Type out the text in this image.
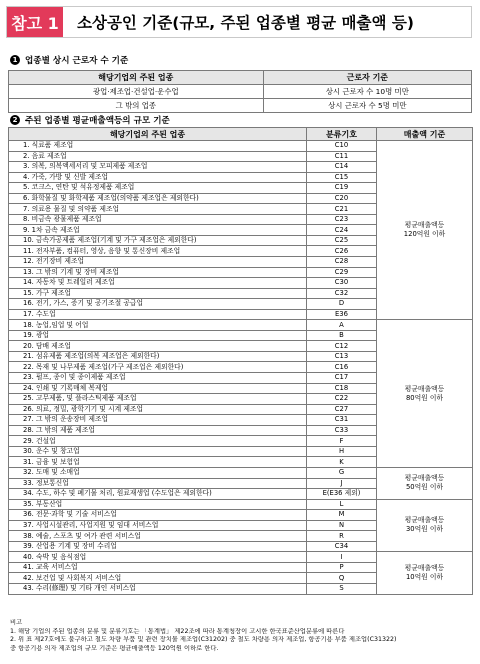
참고 1	소상공인 기준(규모, 주된 업종별 평균 매출액 등)
1 업종별 상시 근로자 수 기준
해당기업의 주된 업종	근로자 기준
광업·제조업·건설업·운수업	상시 근로자 수 10명 미만
그 밖의 업종	상시 근로자 수 5명 미만
2 주된 업종별 평균매출액등의 규모 기준
해당기업의 주된 업종	분류기호	매출액 기준
1. 식료품 제조업	C10	평균매출액등
120억원 이하

2. 음료 제조업	C11	
3. 의복, 의복액세서리 및 모피제품 제조업	C14	
4. 가죽, 가방 및 신발 제조업	C15	
5. 코크스, 연탄 및 석유정제품 제조업	C19	
6. 화학물질 및 화학제품 제조업(의약품 제조업은 제외한다)	C20	
7. 의료용 물질 및 의약품 제조업	C21	
8. 비금속 광물제품 제조업	C23	
9. 1차 금속 제조업	C24	
10. 금속가공제품 제조업(기계 및 가구 제조업은 제외한다)	C25	
11. 전자부품, 컴퓨터, 영상, 음향 및 통신장비 제조업	C26	
12. 전기장비 제조업	C28	
13. 그 밖의 기계 및 장비 제조업	C29	
14. 자동차 및 트레일러 제조업	C30	
15. 가구 제조업	C32	
16. 전기, 가스, 증기 및 공기조절 공급업	D	
17. 수도업	E36	
18. 농업,임업 및 어업	A	평균매출액등
80억원 이하

19. 광업	B	
20. 담배 제조업	C12	
21. 섬유제품 제조업(의복 제조업은 제외한다)	C13	
22. 목재 및 나무제품 제조업(가구 제조업은 제외한다)	C16	
23. 펄프, 종이 및 종이제품 제조업	C17	
24. 인쇄 및 기록매체 복제업	C18	
25. 고무제품, 및 플라스틱제품 제조업	C22	
26. 의료, 정밀, 광학기기 및 시계 제조업	C27	
27. 그 밖의 운송장비 제조업	C31	
28. 그 밖의 제품 제조업	C33	
29. 건설업	F	
30. 운수 및 창고업	H	
31. 금융 및 보험업	K	
32. 도매 및 소매업	G	평균매출액등
50억원 이하

33. 정보통신업	J	
34. 수도, 하수 및 폐기물 처리, 원료재생업 (수도업은 제외한다)	E(E36 제외)	
35. 부동산업	L	평균매출액등
30억원 이하

36. 전문·과학 및 기술 서비스업	M	
37. 사업시설관리, 사업지원 및 임대 서비스업	N	
38. 예술, 스포츠 및 여가 관련 서비스업	R	
39. 산업용 기계 및 장비 수리업	C34	
40. 숙박 및 음식점업	I	평균매출액등
10억원 이하

41. 교육 서비스업	P	
42. 보건업 및 사회복지 서비스업	Q	
43. 수리(修理) 및 기타 개인 서비스업	S	
비고
1. 해당 기업의 주된 업종의 분류 및 분류기호는 「통계법」 제22조에 따라 통계청장이 고시한 한국표준산업분류에 따른다
2. 위 표 제27호에도 불구하고 철도 차량 부품 및 관련 장치물 제조업(C31202) 중 철도 차량용 의자 제조업, 항공기용 부품 제조업(C31322)
중 항공기용 의자 제조업의 규모 기준은 평균매출액등 120억원 이하로 한다.
